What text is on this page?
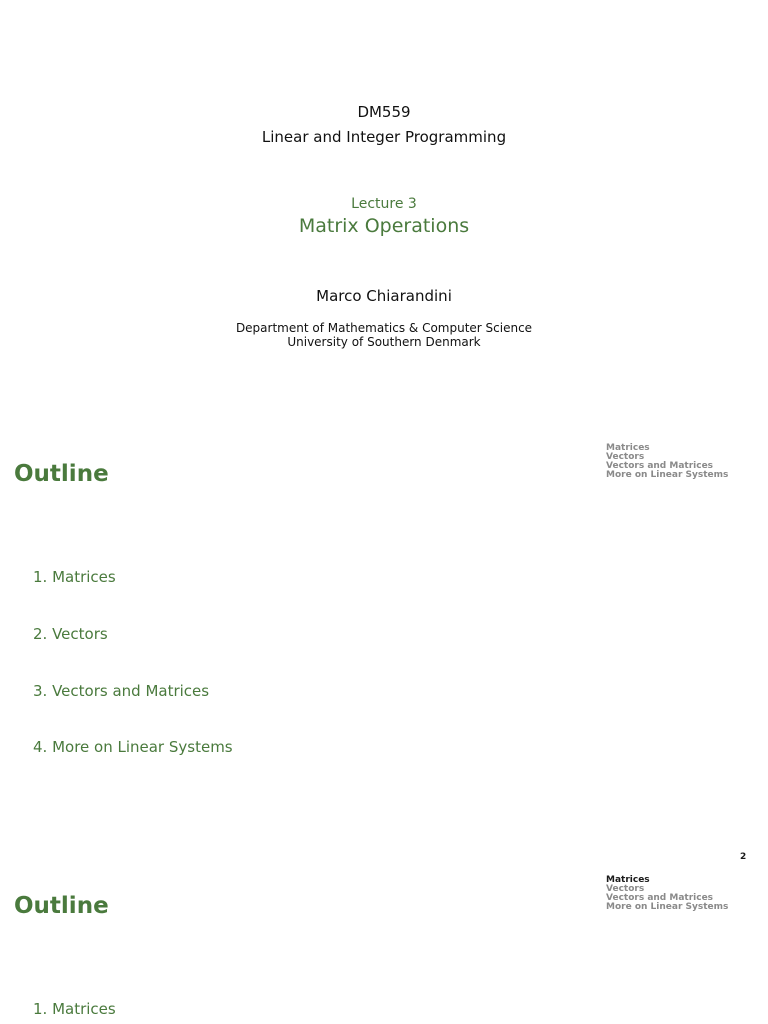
DM559
Linear and Integer Programming
Lecture 3
Matrix Operations
Marco Chiarandini
Department of Mathematics & Computer Science
University of Southern Denmark
Matrices
Vectors
Vectors and Matrices
More on Linear Systems
Outline
1. Matrices
2. Vectors
3. Vectors and Matrices
4. More on Linear Systems
2
Matrices
Vectors
Vectors and Matrices
More on Linear Systems
Outline
1. Matrices
